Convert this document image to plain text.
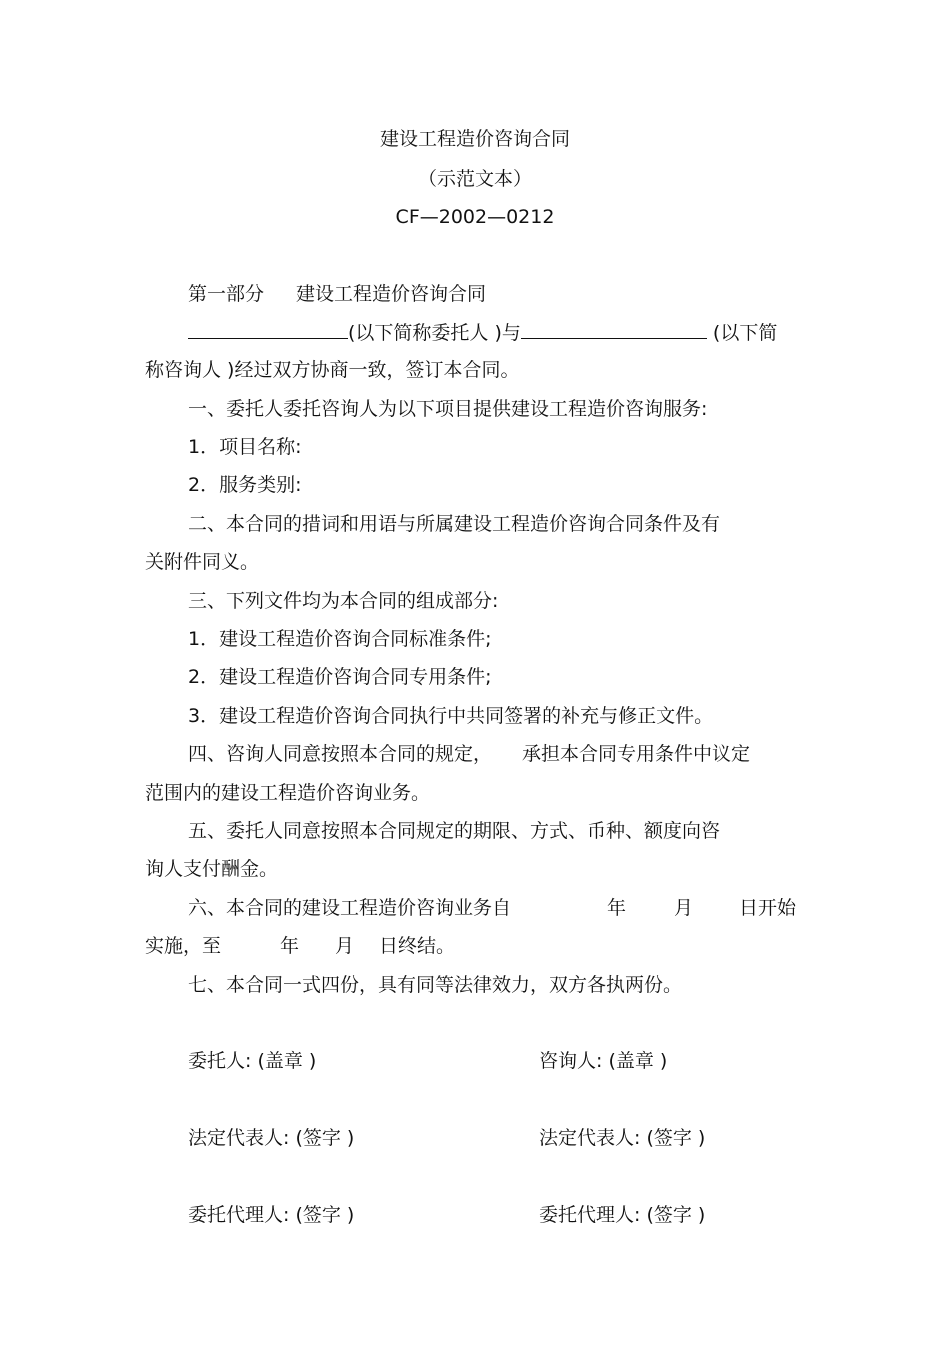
建设工程造价咨询合同
（示范文本）
CF—2002—0212
第一部分 建设工程造价咨询合同
(以下简称委托人 )与	(以下简
称咨询人 )经过双方协商一致，签订本合同。
一、委托人委托咨询人为以下项目提供建设工程造价咨询服务:
1．项目名称:
2．服务类别:
二、本合同的措词和用语与所属建设工程造价咨询合同条件及有
关附件同义。
三、下列文件均为本合同的组成部分:
1．建设工程造价咨询合同标准条件;
2．建设工程造价咨询合同专用条件;
3．建设工程造价咨询合同执行中共同签署的补充与修正文件。
四、咨询人同意按照本合同的规定， 承担本合同专用条件中议定
范围内的建设工程造价咨询业务。
五、委托人同意按照本合同规定的期限、方式、币种、额度向咨
询人支付酬金。
六、本合同的建设工程造价咨询业务自	年	月 日开始
实施，至	年 月 日终结。
七、本合同一式四份，具有同等法律效力，双方各执两份。
委托人: (盖章 )	咨询人: (盖章 )
法定代表人: (签字 )	法定代表人: (签字 )
委托代理人: (签字 )	委托代理人: (签字 )
